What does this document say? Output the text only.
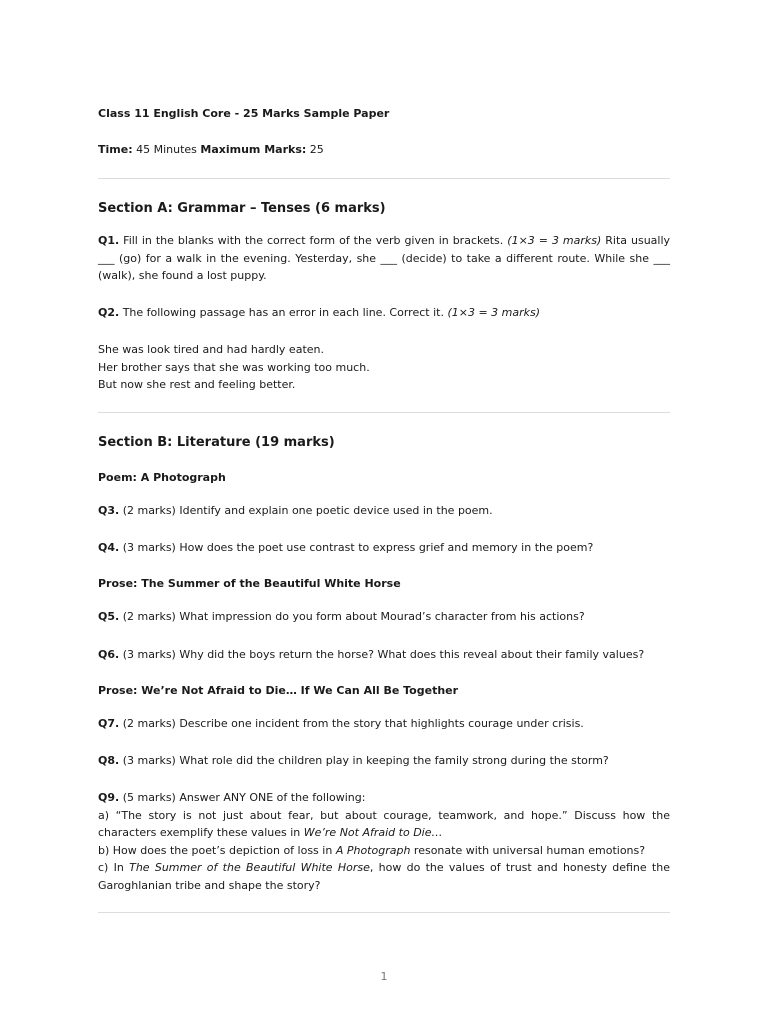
Class 11 English Core - 25 Marks Sample Paper

Time: 45 Minutes Maximum Marks: 25

Section A: Grammar – Tenses (6 marks)

Q1. Fill in the blanks with the correct form of the verb given in brackets. (1×3 = 3 marks) Rita usually ___ (go) for a walk in the evening. Yesterday, she ___ (decide) to take a different route. While she ___ (walk), she found a lost puppy.

Q2. The following passage has an error in each line. Correct it. (1×3 = 3 marks)

She was look tired and had hardly eaten.

Her brother says that she was working too much.

But now she rest and feeling better.

Section B: Literature (19 marks)

Poem: A Photograph

Q3. (2 marks) Identify and explain one poetic device used in the poem.

Q4. (3 marks) How does the poet use contrast to express grief and memory in the poem?

Prose: The Summer of the Beautiful White Horse

Q5. (2 marks) What impression do you form about Mourad’s character from his actions?

Q6. (3 marks) Why did the boys return the horse? What does this reveal about their family values?

Prose: We’re Not Afraid to Die… If We Can All Be Together

Q7. (2 marks) Describe one incident from the story that highlights courage under crisis.

Q8. (3 marks) What role did the children play in keeping the family strong during the storm?

Q9. (5 marks) Answer ANY ONE of the following:

a) “The story is not just about fear, but about courage, teamwork, and hope.” Discuss how the characters exemplify these values in We’re Not Afraid to Die…

b) How does the poet’s depiction of loss in A Photograph resonate with universal human emotions?

c) In The Summer of the Beautiful White Horse, how do the values of trust and honesty define the Garoghlanian tribe and shape the story?

1
